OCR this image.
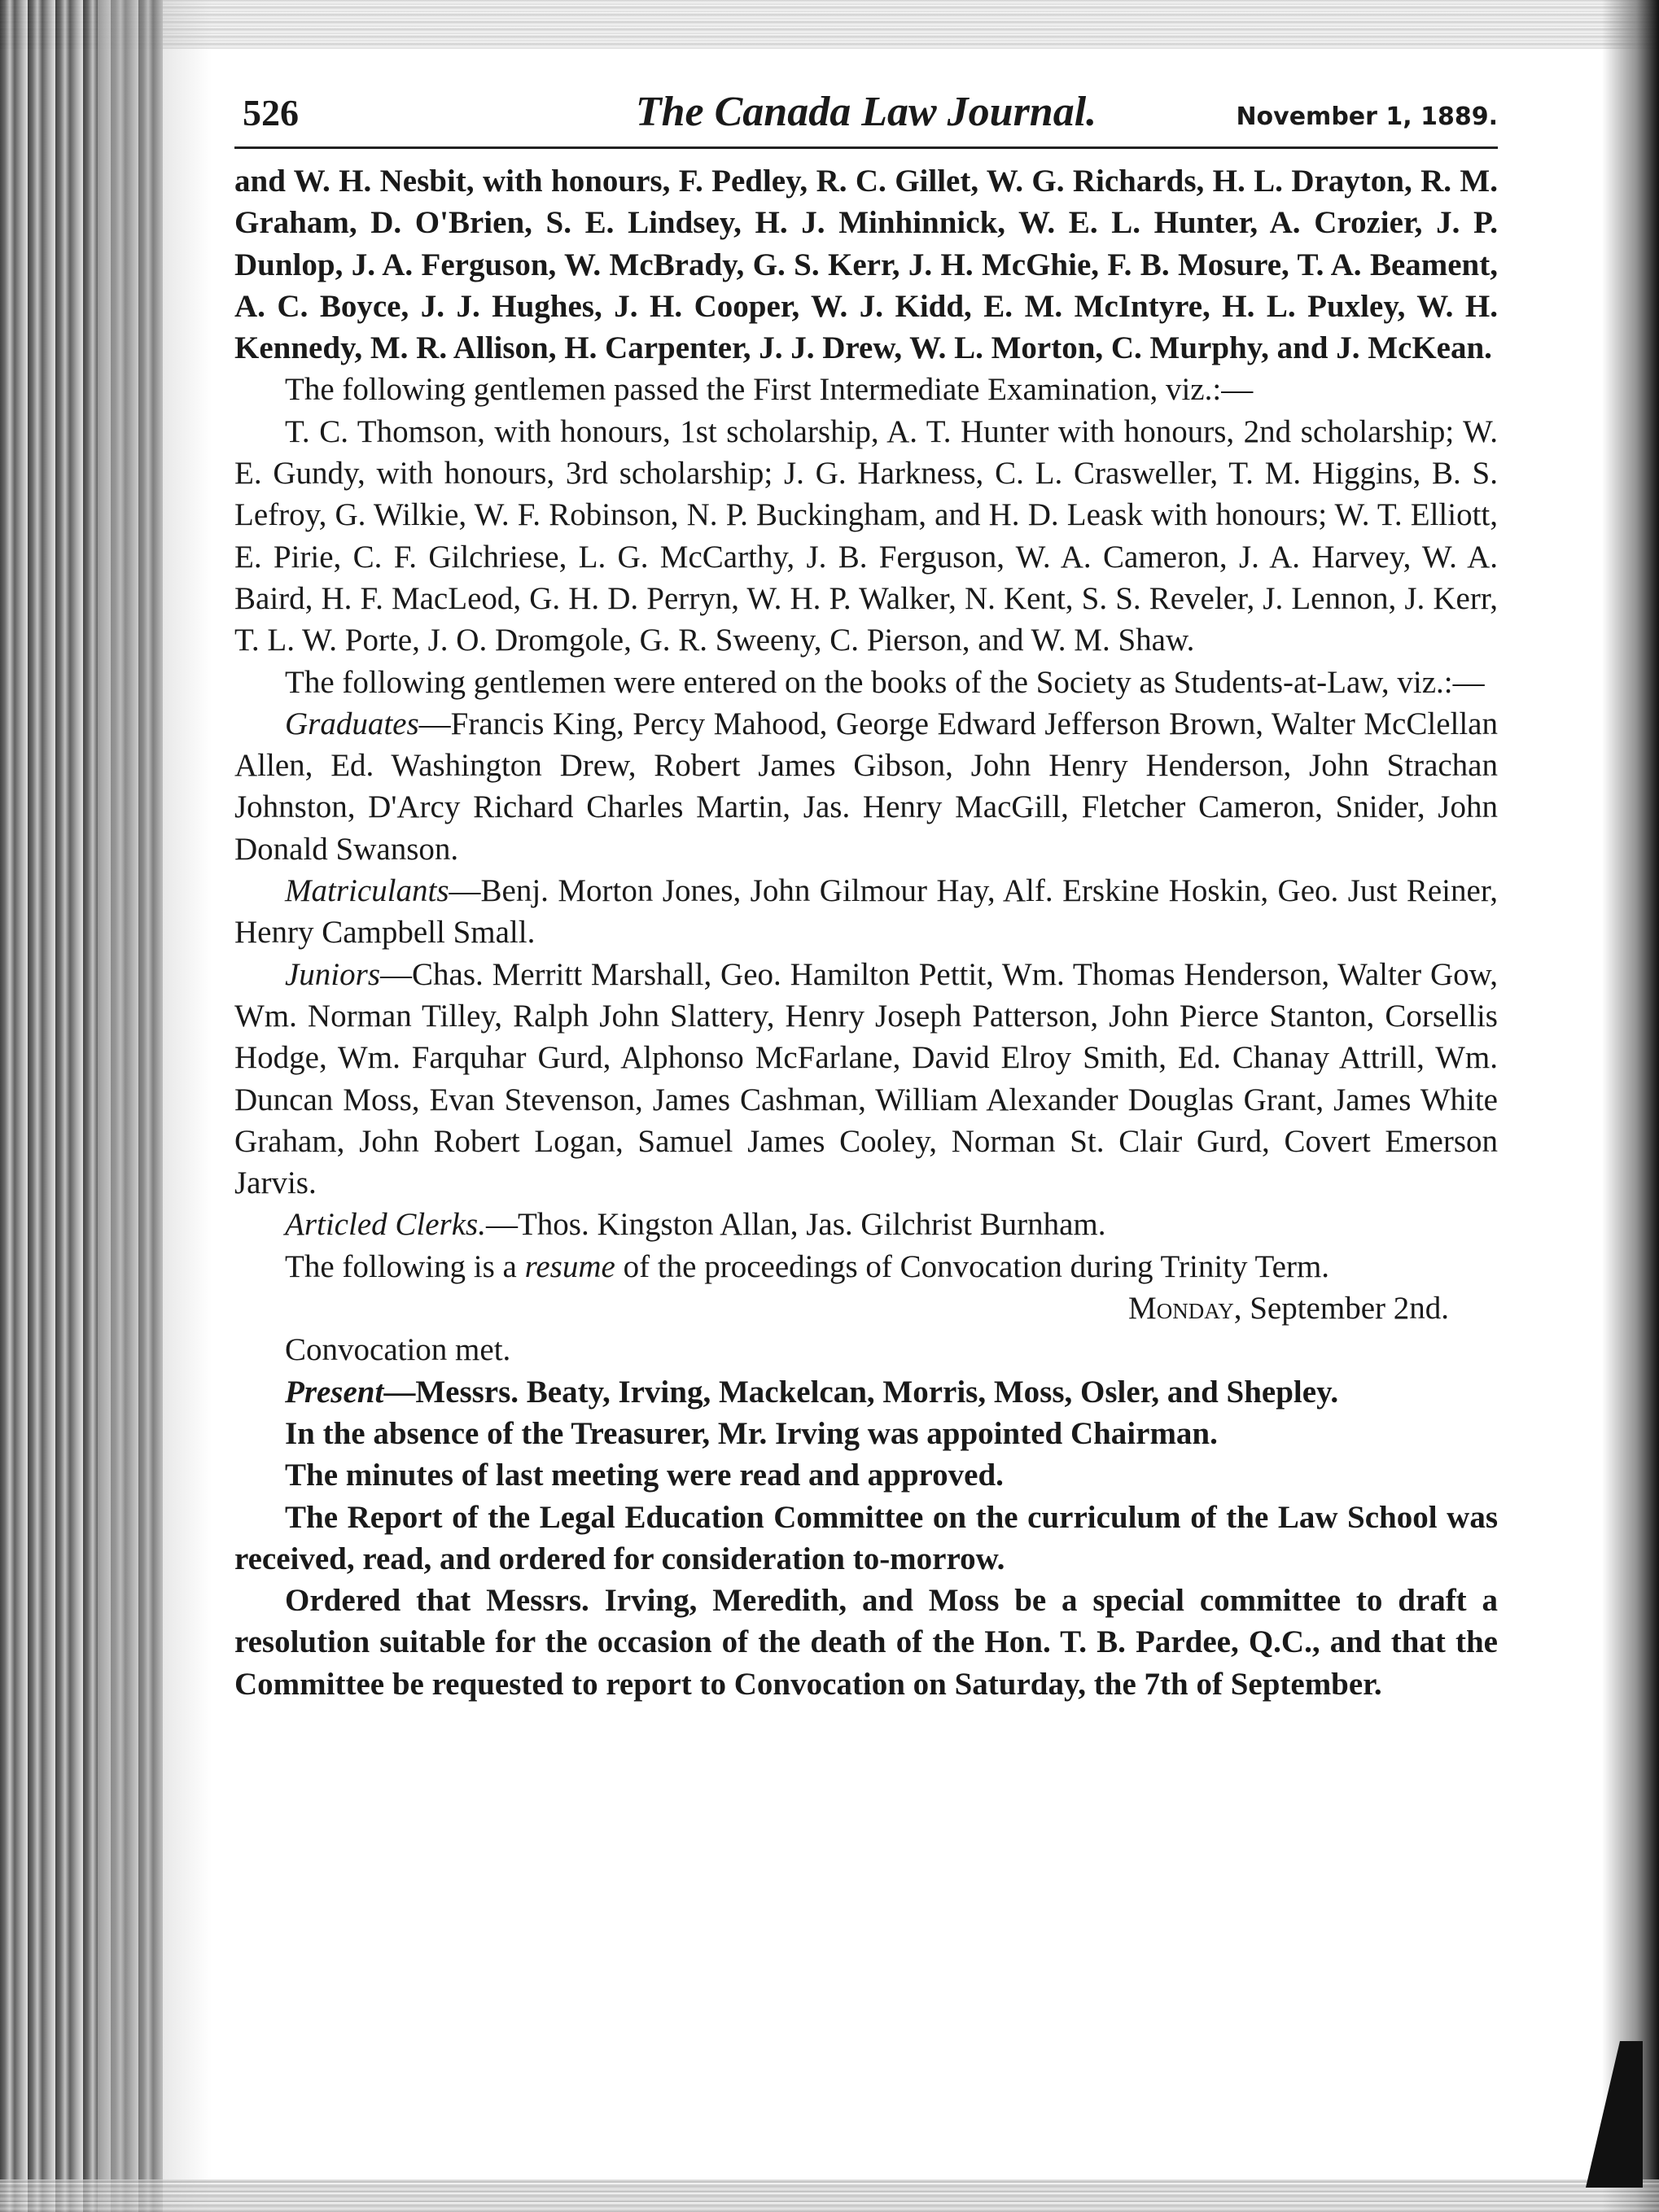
526	The Canada Law Journal.	November 1, 1889.

and W. H. Nesbit, with honours, F. Pedley, R. C. Gillet, W. G. Richards, H. L. Drayton, R. M. Graham, D. O'Brien, S. E. Lindsey, H. J. Minhinnick, W. E. L. Hunter, A. Crozier, J. P. Dunlop, J. A. Ferguson, W. McBrady, G. S. Kerr, J. H. McGhie, F. B. Mosure, T. A. Beament, A. C. Boyce, J. J. Hughes, J. H. Cooper, W. J. Kidd, E. M. McIntyre, H. L. Puxley, W. H. Kennedy, M. R. Allison, H. Carpenter, J. J. Drew, W. L. Morton, C. Murphy, and J. McKean.

The following gentlemen passed the First Intermediate Examination, viz.:—

T. C. Thomson, with honours, 1st scholarship, A. T. Hunter with honours, 2nd scholarship; W. E. Gundy, with honours, 3rd scholarship; J. G. Harkness, C. L. Crasweller, T. M. Higgins, B. S. Lefroy, G. Wilkie, W. F. Robinson, N. P. Buckingham, and H. D. Leask with honours; W. T. Elliott, E. Pirie, C. F. Gilchriese, L. G. McCarthy, J. B. Ferguson, W. A. Cameron, J. A. Harvey, W. A. Baird, H. F. MacLeod, G. H. D. Perryn, W. H. P. Walker, N. Kent, S. S. Reveler, J. Lennon, J. Kerr, T. L. W. Porte, J. O. Dromgole, G. R. Sweeny, C. Pierson, and W. M. Shaw.

The following gentlemen were entered on the books of the Society as Students-at-Law, viz.:—

Graduates—Francis King, Percy Mahood, George Edward Jefferson Brown, Walter McClellan Allen, Ed. Washington Drew, Robert James Gibson, John Henry Henderson, John Strachan Johnston, D'Arcy Richard Charles Martin, Jas. Henry MacGill, Fletcher Cameron, Snider, John Donald Swanson.

Matriculants—Benj. Morton Jones, John Gilmour Hay, Alf. Erskine Hoskin, Geo. Just Reiner, Henry Campbell Small.

Juniors—Chas. Merritt Marshall, Geo. Hamilton Pettit, Wm. Thomas Henderson, Walter Gow, Wm. Norman Tilley, Ralph John Slattery, Henry Joseph Patterson, John Pierce Stanton, Corsellis Hodge, Wm. Farquhar Gurd, Alphonso McFarlane, David Elroy Smith, Ed. Chanay Attrill, Wm. Duncan Moss, Evan Stevenson, James Cashman, William Alexander Douglas Grant, James White Graham, John Robert Logan, Samuel James Cooley, Norman St. Clair Gurd, Covert Emerson Jarvis.

Articled Clerks.—Thos. Kingston Allan, Jas. Gilchrist Burnham.

The following is a resume of the proceedings of Convocation during Trinity Term.

Monday, September 2nd.

Convocation met.

Present—Messrs. Beaty, Irving, Mackelcan, Morris, Moss, Osler, and Shepley.

In the absence of the Treasurer, Mr. Irving was appointed Chairman.

The minutes of last meeting were read and approved.

The Report of the Legal Education Committee on the curriculum of the Law School was received, read, and ordered for consideration to-morrow.

Ordered that Messrs. Irving, Meredith, and Moss be a special committee to draft a resolution suitable for the occasion of the death of the Hon. T. B. Pardee, Q.C., and that the Committee be requested to report to Convocation on Saturday, the 7th of September.
